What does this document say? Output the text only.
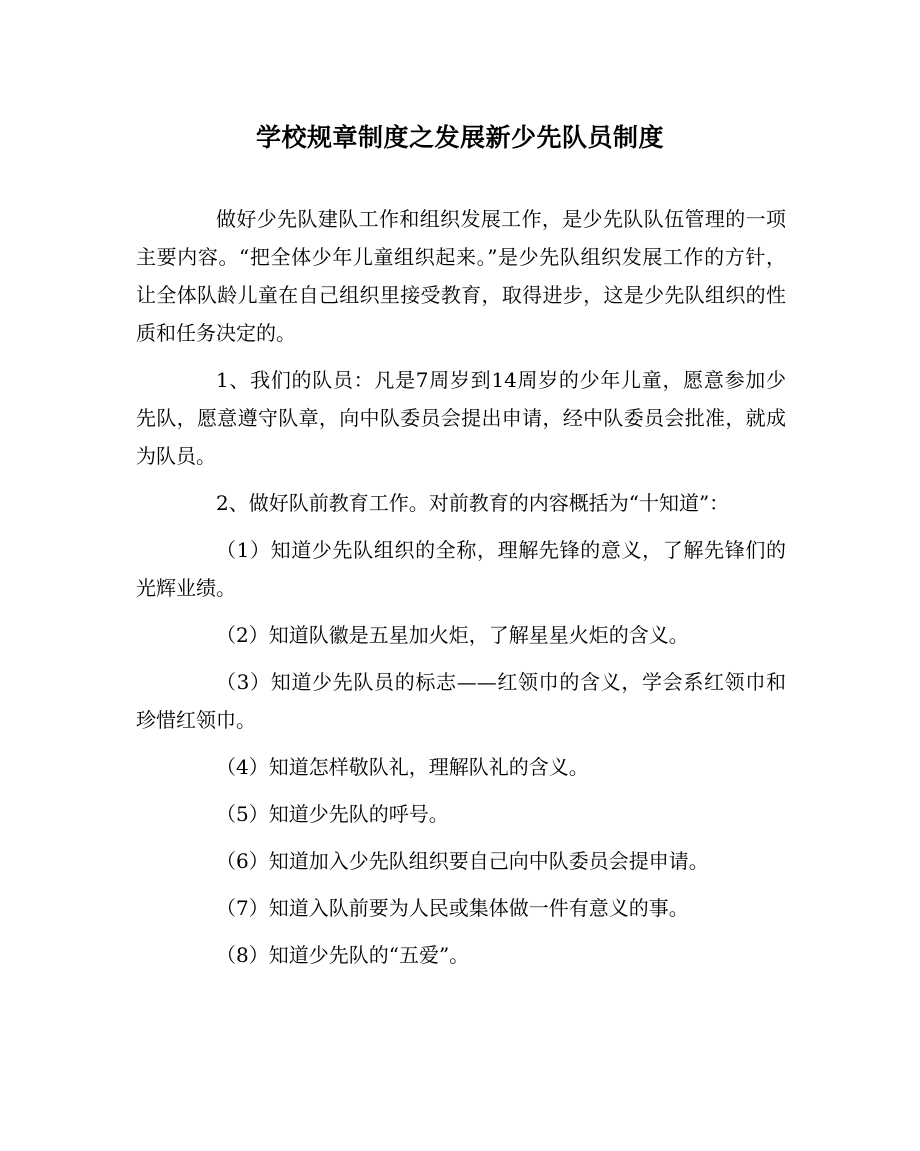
学校规章制度之发展新少先队员制度

做好少先队建队工作和组织发展工作，是少先队队伍管理的一项主要内容。“把全体少年儿童组织起来。”是少先队组织发展工作的方针，让全体队龄儿童在自己组织里接受教育，取得进步，这是少先队组织的性质和任务决定的。

1、我们的队员：凡是7周岁到14周岁的少年儿童，愿意参加少先队，愿意遵守队章，向中队委员会提出申请，经中队委员会批准，就成为队员。

2、做好队前教育工作。对前教育的内容概括为“十知道”：

（1）知道少先队组织的全称，理解先锋的意义，了解先锋们的光辉业绩。

（2）知道队徽是五星加火炬，了解星星火炬的含义。

（3）知道少先队员的标志——红领巾的含义，学会系红领巾和珍惜红领巾。

（4）知道怎样敬队礼，理解队礼的含义。

（5）知道少先队的呼号。

（6）知道加入少先队组织要自己向中队委员会提申请。

（7）知道入队前要为人民或集体做一件有意义的事。

（8）知道少先队的“五爱”。
